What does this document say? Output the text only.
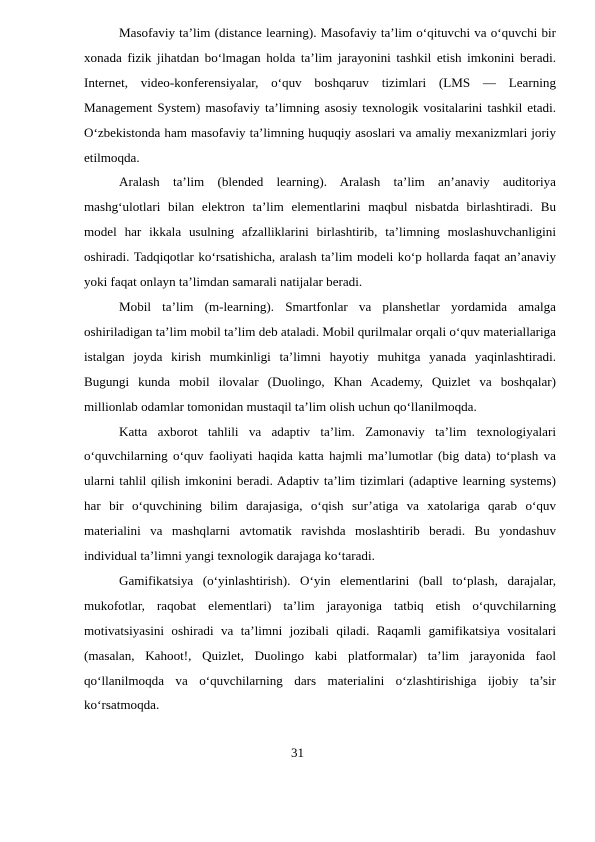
Masofaviy ta’lim (distance learning). Masofaviy ta’lim o‘qituvchi va o‘quvchi bir xonada fizik jihatdan bo‘lmagan holda ta’lim jarayonini tashkil etish imkonini beradi. Internet, video-konferensiyalar, o‘quv boshqaruv tizimlari (LMS — Learning Management System) masofaviy ta’limning asosiy texnologik vositalarini tashkil etadi. O‘zbekistonda ham masofaviy ta’limning huquqiy asoslari va amaliy mexanizmlari joriy etilmoqda.

Aralash ta’lim (blended learning). Aralash ta’lim an’anaviy auditoriya mashg‘ulotlari bilan elektron ta’lim elementlarini maqbul nisbatda birlashtiradi. Bu model har ikkala usulning afzalliklarini birlashtirib, ta’limning moslashuvchanligini oshiradi. Tadqiqotlar ko‘rsatishicha, aralash ta’lim modeli ko‘p hollarda faqat an’anaviy yoki faqat onlayn ta’limdan samarali natijalar beradi.

Mobil ta’lim (m-learning). Smartfonlar va planshetlar yordamida amalga oshiriladigan ta’lim mobil ta’lim deb ataladi. Mobil qurilmalar orqali o‘quv materiallariga istalgan joyda kirish mumkinligi ta’limni hayotiy muhitga yanada yaqinlashtiradi. Bugungi kunda mobil ilovalar (Duolingo, Khan Academy, Quizlet va boshqalar) millionlab odamlar tomonidan mustaqil ta’lim olish uchun qo‘llanilmoqda.

Katta axborot tahlili va adaptiv ta’lim. Zamonaviy ta’lim texnologiyalari o‘quvchilarning o‘quv faoliyati haqida katta hajmli ma’lumotlar (big data) to‘plash va ularni tahlil qilish imkonini beradi. Adaptiv ta’lim tizimlari (adaptive learning systems) har bir o‘quvchining bilim darajasiga, o‘qish sur’atiga va xatolariga qarab o‘quv materialini va mashqlarni avtomatik ravishda moslashtirib beradi. Bu yondashuv individual ta’limni yangi texnologik darajaga ko‘taradi.

Gamifikatsiya (o‘yinlashtirish). O‘yin elementlarini (ball to‘plash, darajalar, mukofotlar, raqobat elementlari) ta’lim jarayoniga tatbiq etish o‘quvchilarning motivatsiyasini oshiradi va ta’limni jozibali qiladi. Raqamli gamifikatsiya vositalari (masalan, Kahoot!, Quizlet, Duolingo kabi platformalar) ta’lim jarayonida faol qo‘llanilmoqda va o‘quvchilarning dars materialini o‘zlashtirishiga ijobiy ta’sir ko‘rsatmoqda.

31
